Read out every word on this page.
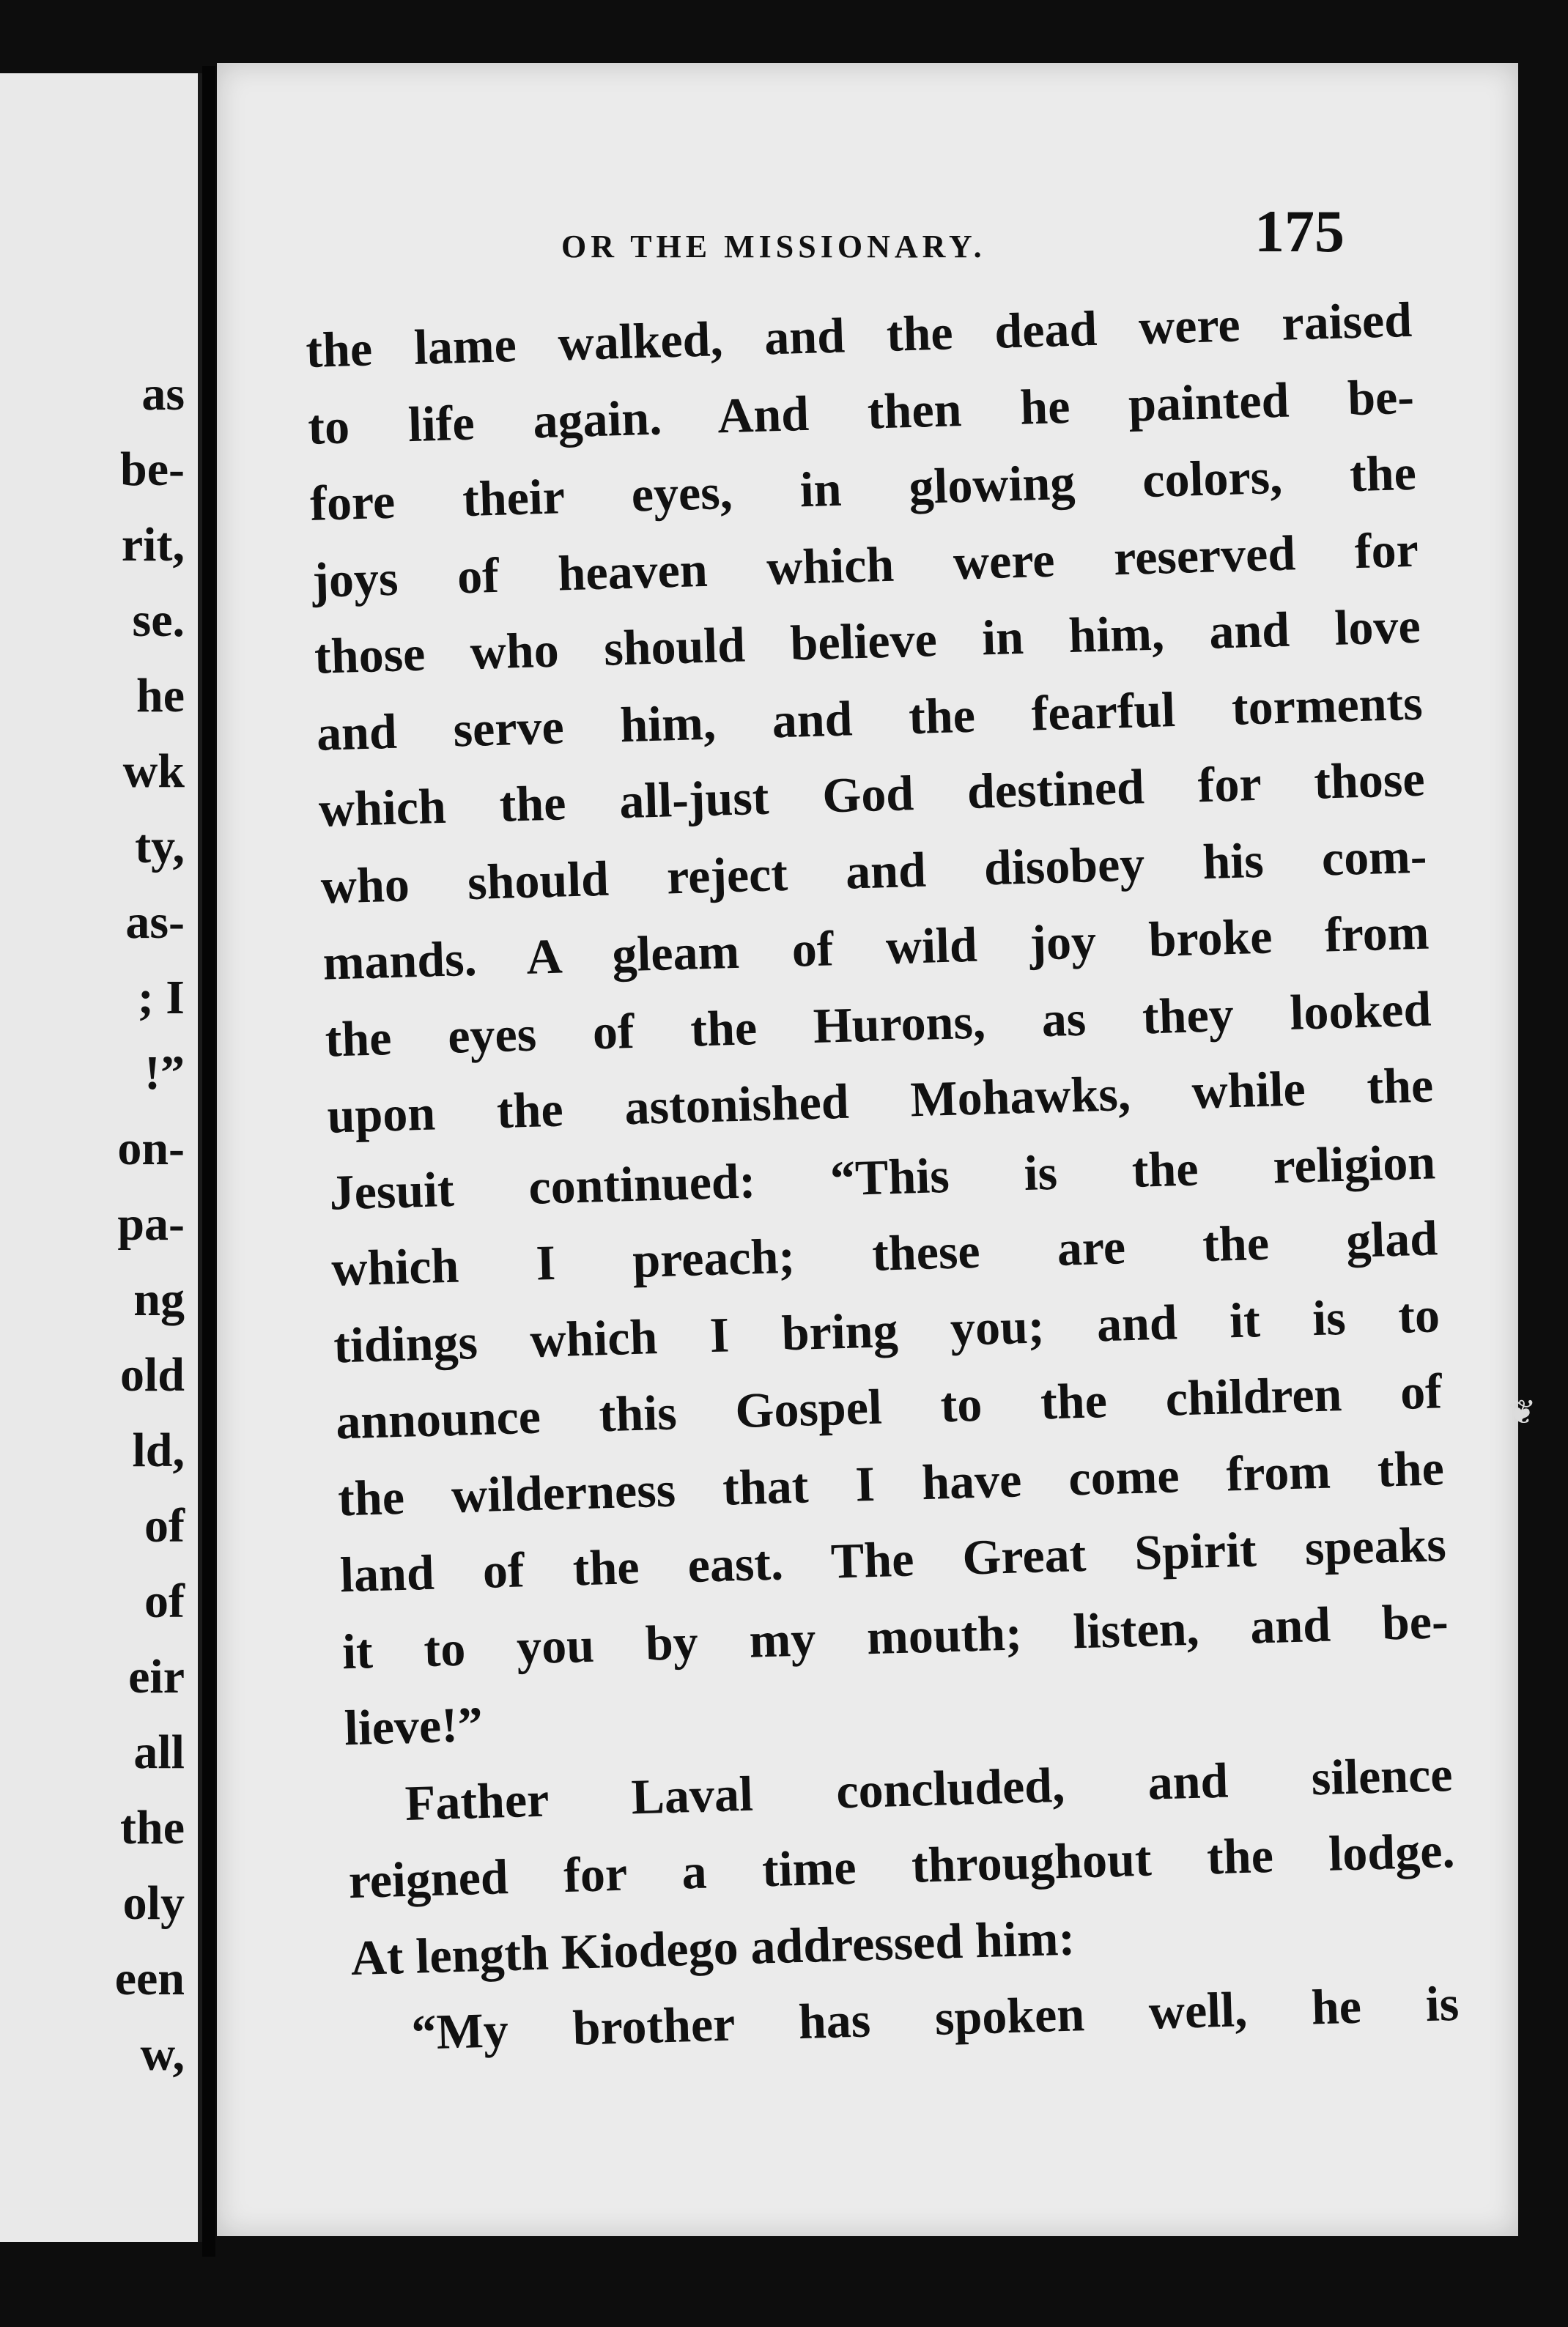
as
be-
rit,
se.
he
wk
ty,
as-
; I
!”
on-
pa-
ng
old
ld,
of
of
eir
all
the
oly
een
w,
OR THE MISSIONARY.	175
the lame walked, and the dead were raised
to life again. And then he painted be-
fore their eyes, in glowing colors, the
joys of heaven which were reserved for
those who should believe in him, and love
and serve him, and the fearful torments
which the all-just God destined for those
who should reject and disobey his com-
mands. A gleam of wild joy broke from
the eyes of the Hurons, as they looked
upon the astonished Mohawks, while the
Jesuit continued: “This is the religion
which I preach; these are the glad
tidings which I bring you; and it is to
announce this Gospel to the children of
the wilderness that I have come from the
land of the east. The Great Spirit speaks
it to you by my mouth; listen, and be-
lieve!”
Father Laval concluded, and silence
reigned for a time throughout the lodge.
At length Kiodego addressed him:
“My brother has spoken well, he is
❦
